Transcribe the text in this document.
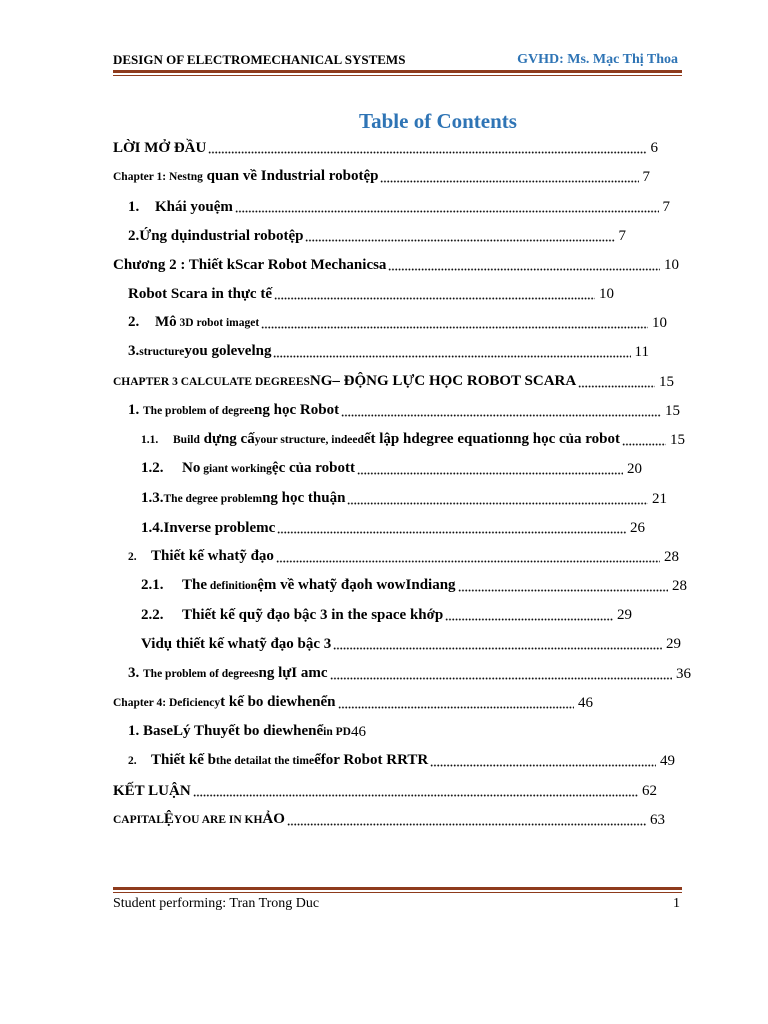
DESIGN OF ELECTROMECHANICAL SYSTEMS	GVHD: Ms. Mạc Thị Thoa
Table of Contents
LỜI MỞ ĐẦU	6
Chapter 1: Nestng quan về Industrial robotệp	7
1. Khái youệm	7
2.Ứng dụindustrial robotệp	7
Chương 2 : Thiết kScar Robot Mechanicsa	10
Robot Scara in thực tế	10
2. Mô 3D robot imaget	10
3.structureyou golevelng	11
CHAPTER 3 CALCULATE DEGREESNG– ĐỘNG LỰC HỌC ROBOT SCARA	15
1. The problem of degreeng học Robot	15
1.1. Build dựng cấyour structure, indeedết lập hdegree equationng học của robot	15
1.2. No giant workingệc của robott	20
1.3.The degree problemng học thuận	21
1.4.Inverse problemc	26
2. Thiết kế whatỹ đạo	28
2.1. The definitionệm về whatỹ đạoh wowIndiang	28
2.2. Thiết kế quỹ đạo bậc 3 in the space khớp	29
Vidụ thiết kế whatỹ đạo bậc 3	29
3. The problem of degreesng lựI amc	36
Chapter 4: Deficiencyt kế bo diewhenển	46
1. BaseLý Thuyết bo diewhenểin PD 46
2. Thiết kế bthe detailat the timeểfor Robot RRTR	49
KẾT LUẬN	62
CAPITALỆYOU ARE IN KHẢO	63
Student performing: Tran Trong Duc	1
